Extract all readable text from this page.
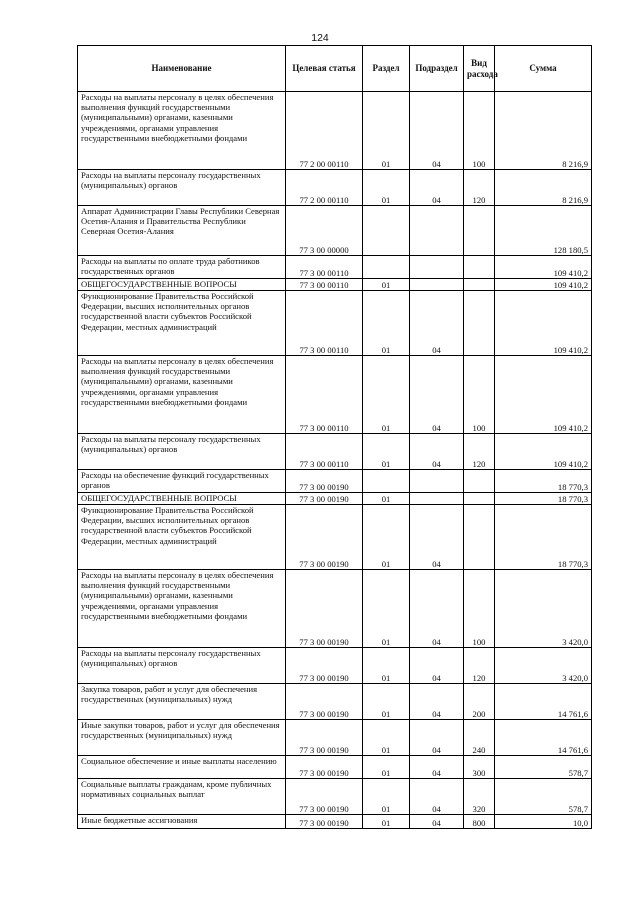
124
Наименование	Целевая статья	Раздел	Подраздел	Вид расхода	Сумма
Расходы на выплаты персоналу в целях обеспечения выполнения функций государственными (муниципальными) органами, казенными учреждениями, органами управления государственными внебюджетными фондами	77 2 00 00110	01	04	100	8 216,9
Расходы на выплаты персоналу государственных (муниципальных) органов	77 2 00 00110	01	04	120	8 216,9
Аппарат Администрации Главы Республики Северная Осетия-Алания и Правительства Республики Северная Осетия-Алания	77 3 00 00000				128 180,5
Расходы на выплаты по оплате труда работников государственных органов	77 3 00 00110				109 410,2
ОБЩЕГОСУДАРСТВЕННЫЕ ВОПРОСЫ	77 3 00 00110	01			109 410,2
Функционирование Правительства Российской Федерации, высших исполнительных органов государственной власти субъектов Российской Федерации, местных администраций	77 3 00 00110	01	04		109 410,2
Расходы на выплаты персоналу в целях обеспечения выполнения функций государственными (муниципальными) органами, казенными учреждениями, органами управления государственными внебюджетными фондами	77 3 00 00110	01	04	100	109 410,2
Расходы на выплаты персоналу государственных (муниципальных) органов	77 3 00 00110	01	04	120	109 410,2
Расходы на обеспечение функций государственных органов	77 3 00 00190				18 770,3
ОБЩЕГОСУДАРСТВЕННЫЕ ВОПРОСЫ	77 3 00 00190	01			18 770,3
Функционирование Правительства Российской Федерации, высших исполнительных органов государственной власти субъектов Российской Федерации, местных администраций	77 3 00 00190	01	04		18 770,3
Расходы на выплаты персоналу в целях обеспечения выполнения функций государственными (муниципальными) органами, казенными учреждениями, органами управления государственными внебюджетными фондами	77 3 00 00190	01	04	100	3 420,0
Расходы на выплаты персоналу государственных (муниципальных) органов	77 3 00 00190	01	04	120	3 420,0
Закупка товаров, работ и услуг для обеспечения государственных (муниципальных) нужд	77 3 00 00190	01	04	200	14 761,6
Иные закупки товаров, работ и услуг для обеспечения государственных (муниципальных) нужд	77 3 00 00190	01	04	240	14 761,6
Социальное обеспечение и иные выплаты населению	77 3 00 00190	01	04	300	578,7
Социальные выплаты гражданам, кроме публичных нормативных социальных выплат	77 3 00 00190	01	04	320	578,7
Иные бюджетные ассигнования	77 3 00 00190	01	04	800	10,0
